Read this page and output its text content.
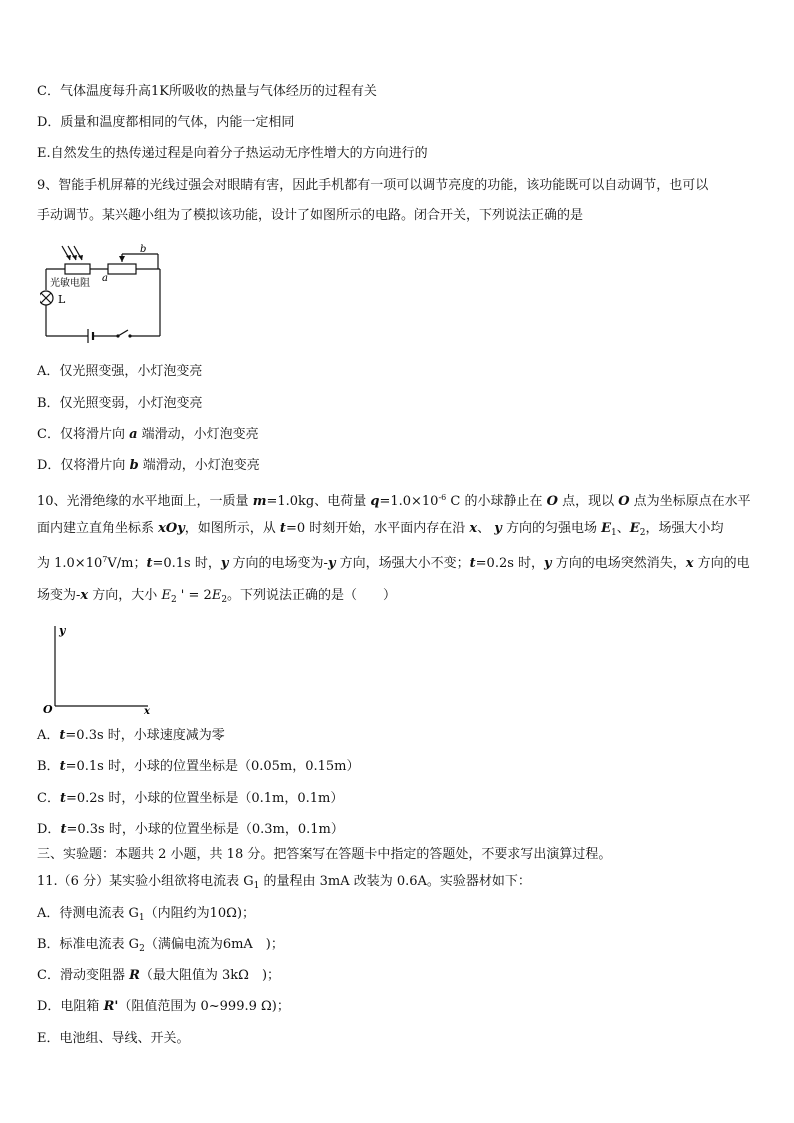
C．气体温度每升高1K所吸收的热量与气体经历的过程有关
D．质量和温度都相同的气体，内能一定相同
E.自然发生的热传递过程是向着分子热运动无序性增大的方向进行的
9、智能手机屏幕的光线过强会对眼睛有害，因此手机都有一项可以调节亮度的功能，该功能既可以自动调节，也可以
手动调节。某兴趣小组为了模拟该功能，设计了如图所示的电路。闭合开关，下列说法正确的是
光敏电阻
L
a
b
A．仅光照变强，小灯泡变亮
B．仅光照变弱，小灯泡变亮
C．仅将滑片向 a 端滑动，小灯泡变亮
D．仅将滑片向 b 端滑动，小灯泡变亮
10、光滑绝缘的水平地面上，一质量 m=1.0kg、电荷量 $q=1.0\times 10^{-6}$ C 的小球静止在 O 点，现以 O 点为坐标原点在水平
面内建立直角坐标系 xOy，如图所示，从 t=0 时刻开始，水平面内存在沿 x、 y 方向的匀强电场 $E_1$、$E_2$，场强大小均
为 $1.0\times 10^7V/m$；t=0.1s 时，y 方向的电场变为-y 方向，场强大小不变；t=0.2s 时，y 方向的电场突然消失，x 方向的电
场变为-x 方向，大小 $E_2$ ' = $2E_2$。下列说法正确的是（　　）
y
O	x
A．t=0.3s 时，小球速度减为零
B．t=0.1s 时，小球的位置坐标是（0.05m，0.15m）
C．t=0.2s 时，小球的位置坐标是（0.1m，0.1m）
D．t=0.3s 时，小球的位置坐标是（0.3m，0.1m）
三、实验题：本题共 2 小题，共 18 分。把答案写在答题卡中指定的答题处，不要求写出演算过程。
11.（6 分）某实验小组欲将电流表 $G_1$ 的量程由 3mA 改装为 0.6A。实验器材如下：
A．待测电流表 $G_1$（内阻约为10Ω)；
B．标准电流表 $G_2$（满偏电流为6mA　)；
C．滑动变阻器 R（最大阻值为 3kΩ　)；
D．电阻箱 R'（阻值范围为 0~999.9 Ω)；
E．电池组、导线、开关。
